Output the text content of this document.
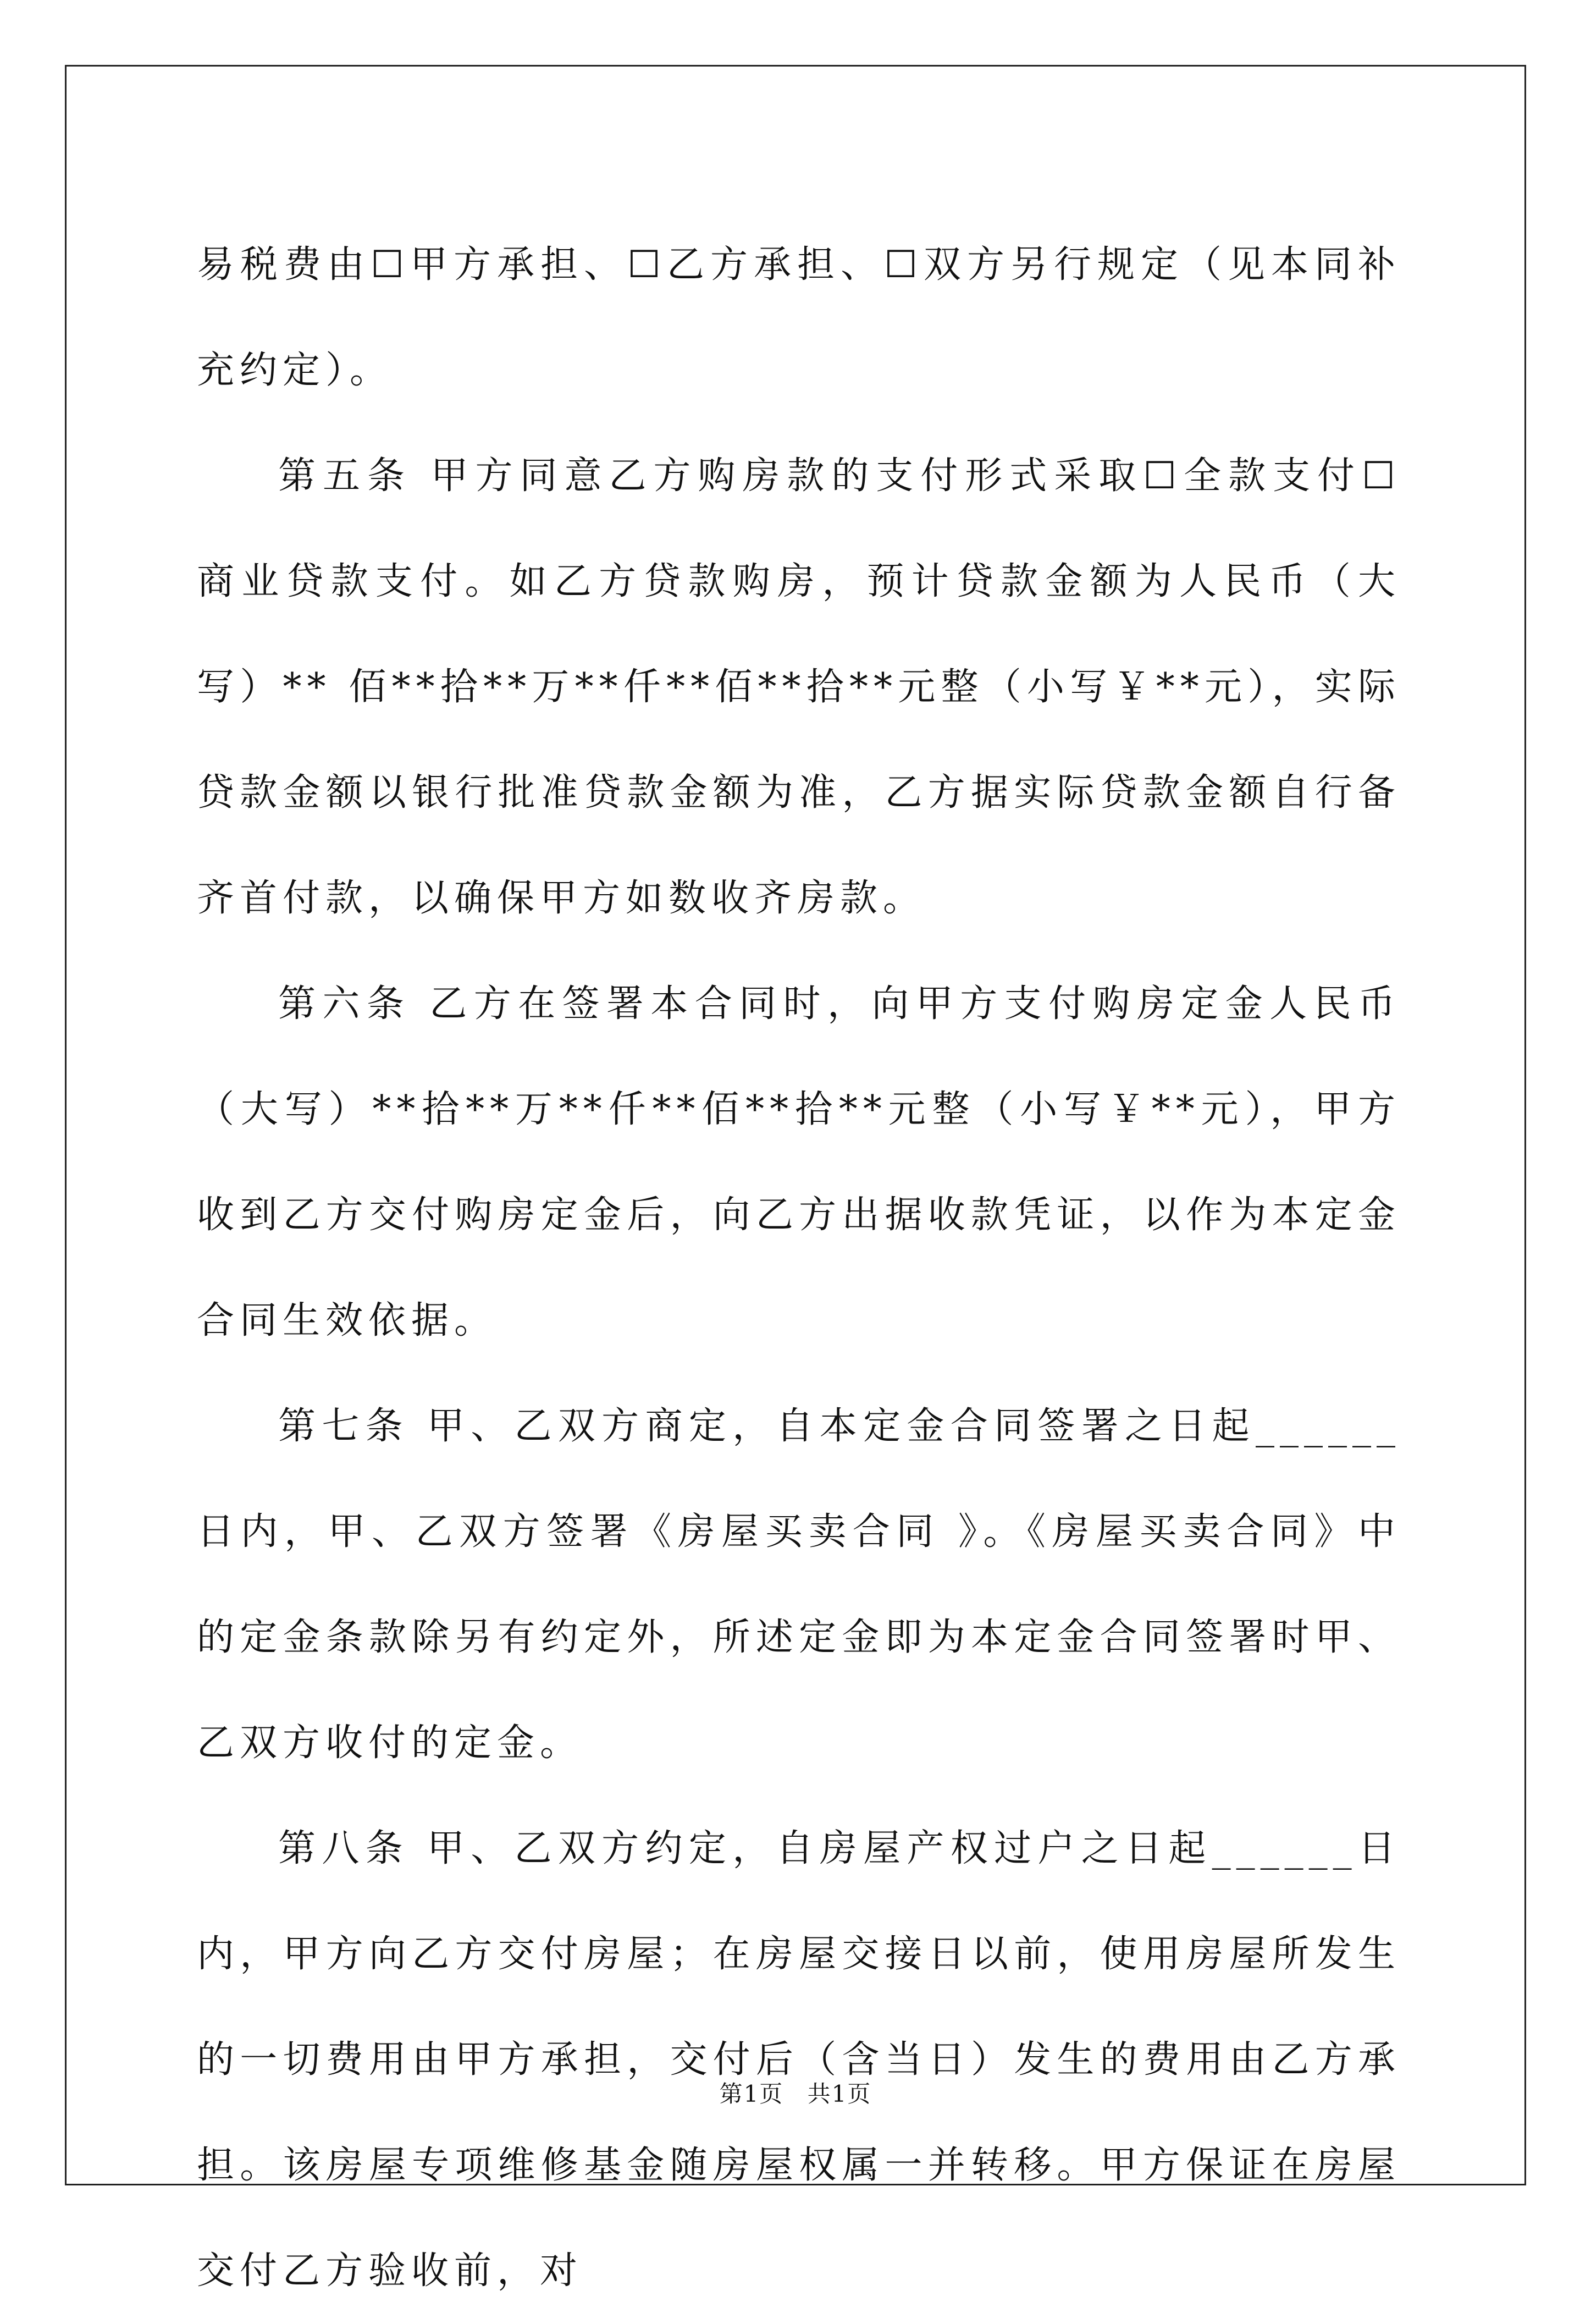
易税费由☐甲方承担、☐乙方承担、☐双方另行规定（见本同补充约定）。

第五条 甲方同意乙方购房款的支付形式采取☐全款支付☐商业贷款支付。如乙方贷款购房，预计贷款金额为人民币（大写）** 佰**拾**万**仟**佰**拾**元整（小写￥**元），实际贷款金额以银行批准贷款金额为准，乙方据实际贷款金额自行备齐首付款，以确保甲方如数收齐房款。

第六条 乙方在签署本合同时，向甲方支付购房定金人民币（大写）**拾**万**仟**佰**拾**元整（小写￥**元），甲方收到乙方交付购房定金后，向乙方出据收款凭证，以作为本定金合同生效依据。

第七条 甲、乙双方商定，自本定金合同签署之日起______日内，甲、乙双方签署《房屋买卖合同 》。《房屋买卖合同》中的定金条款除另有约定外，所述定金即为本定金合同签署时甲、乙双方收付的定金。

第八条 甲、乙双方约定，自房屋产权过户之日起______日内，甲方向乙方交付房屋；在房屋交接日以前，使用房屋所发生的一切费用由甲方承担，交付后（含当日）发生的费用由乙方承担。该房屋专项维修基金随房屋权属一并转移。甲方保证在房屋交付乙方验收前，对

第1页 共1页
